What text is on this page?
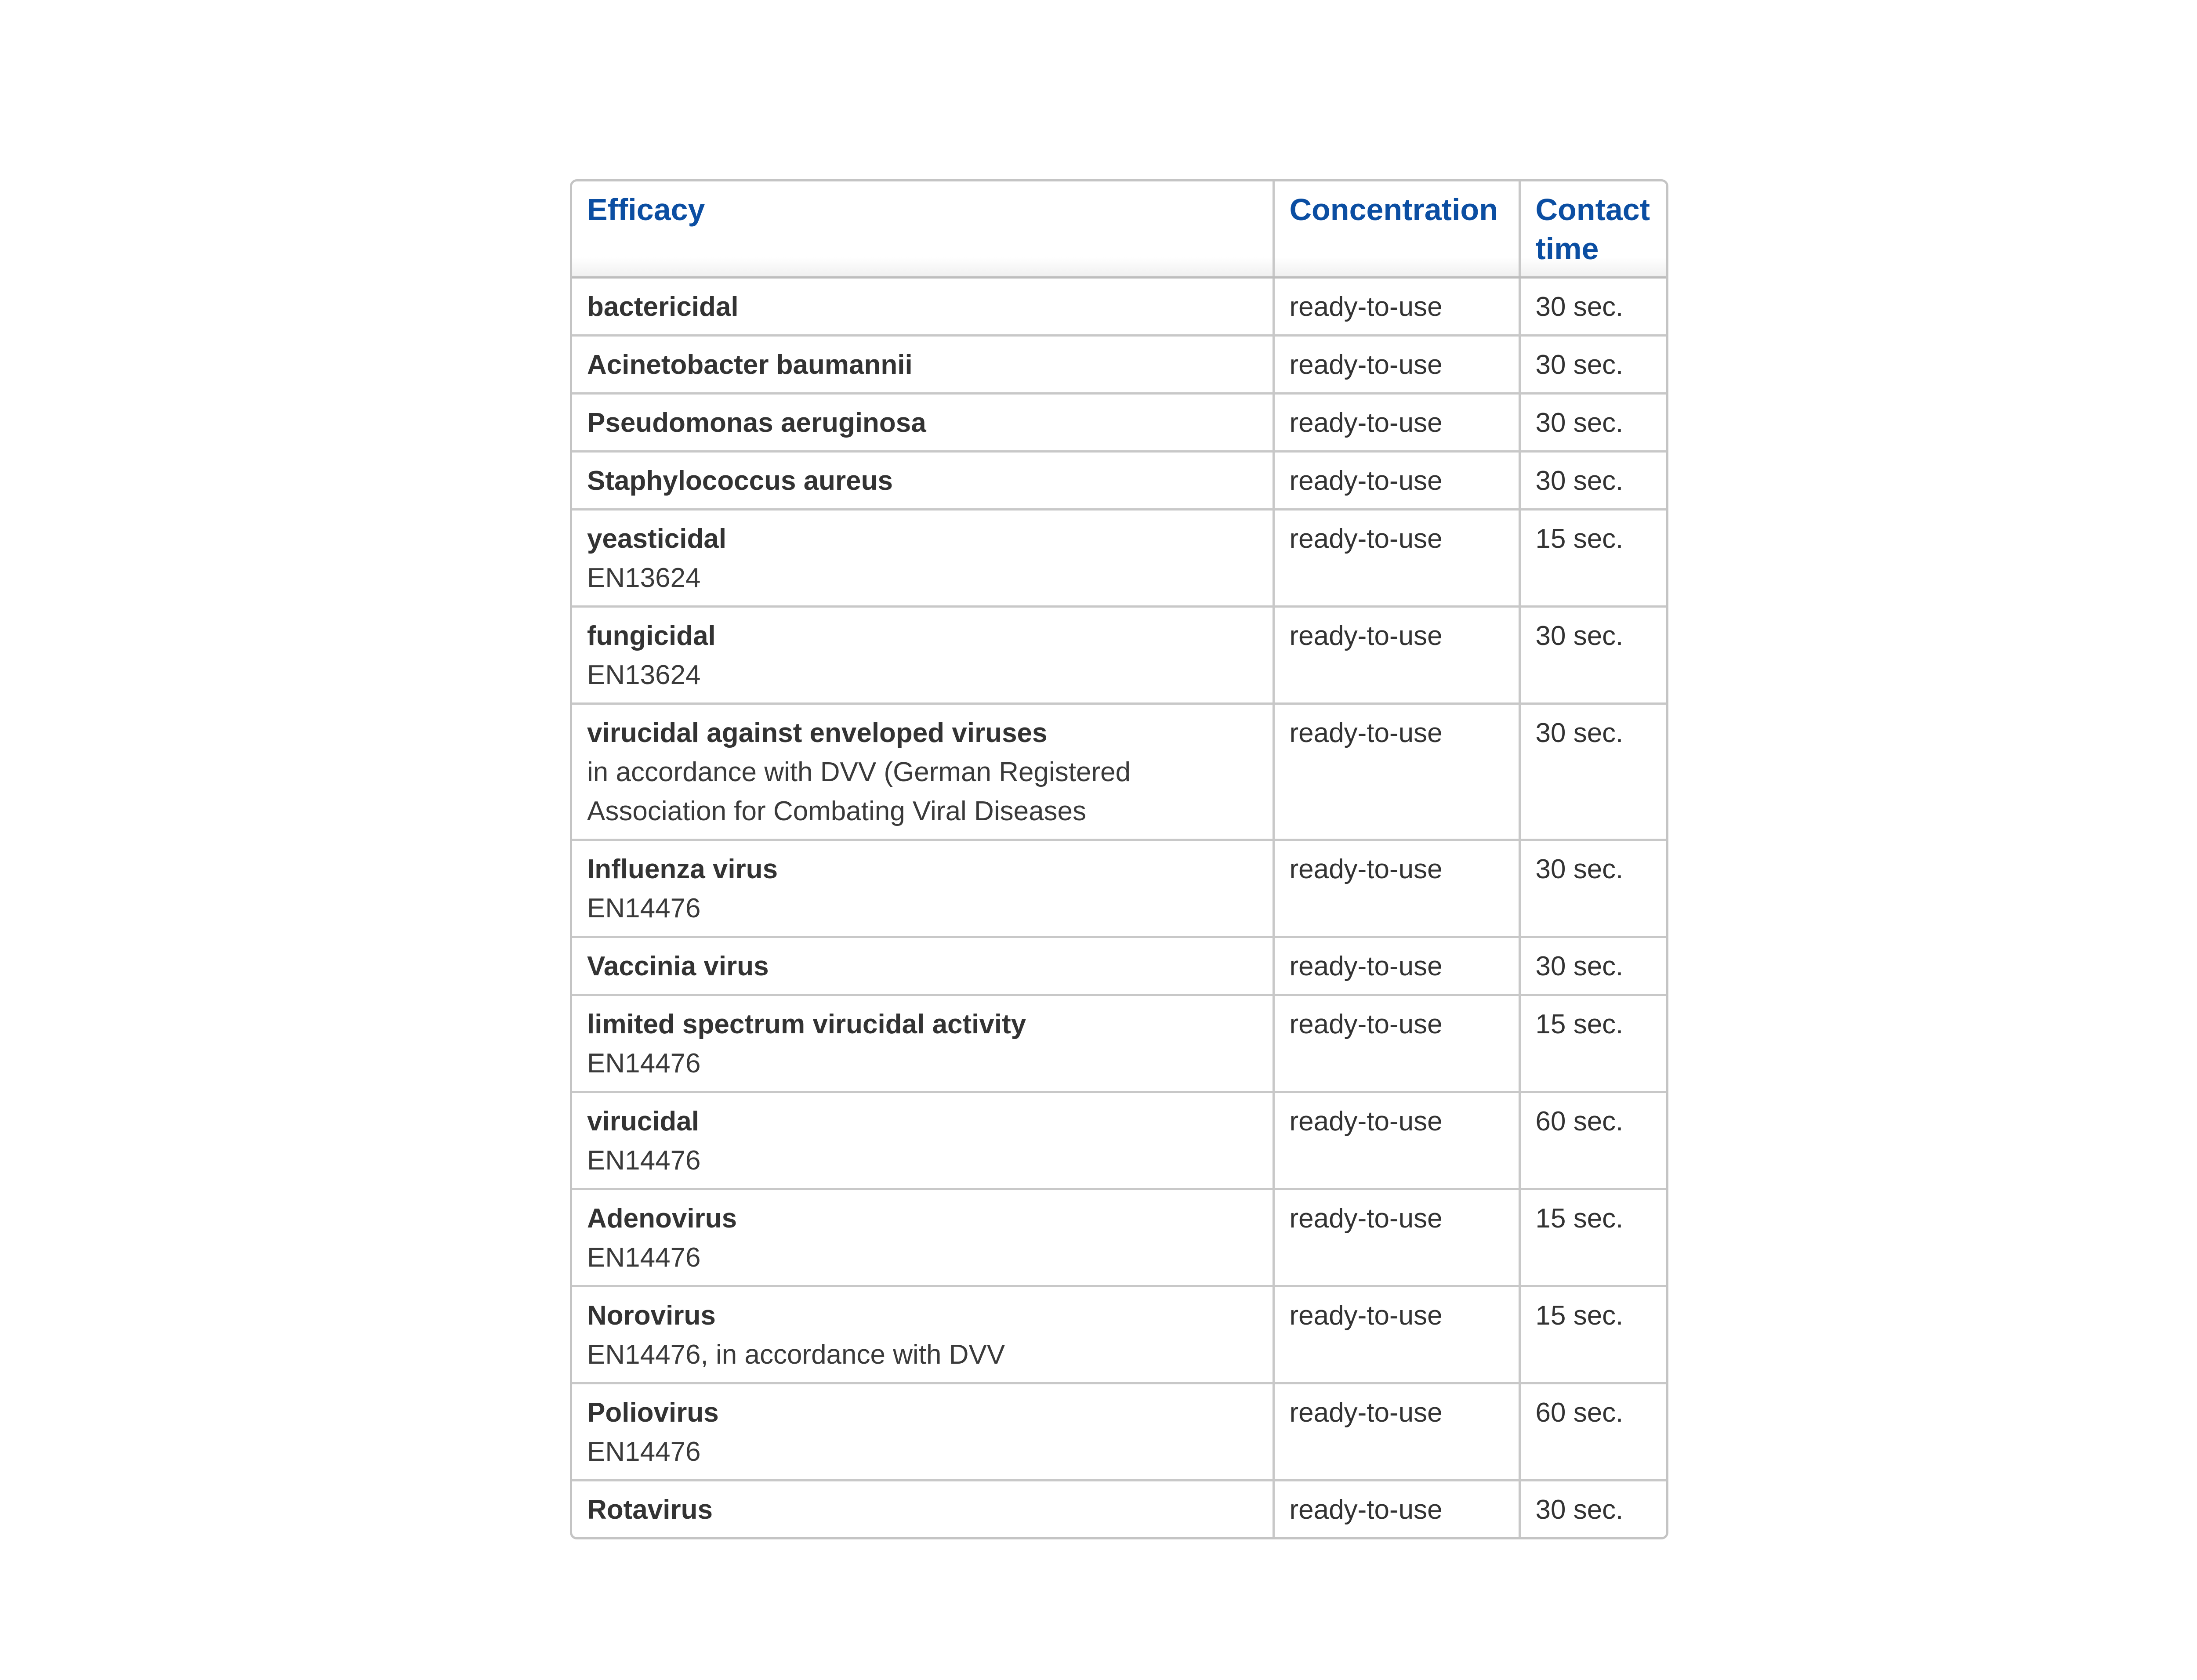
Efficacy	Concentration	Contact time

bactericidal	ready-to-use	30 sec.

Acinetobacter baumannii	ready-to-use	30 sec.

Pseudomonas aeruginosa	ready-to-use	30 sec.

Staphylococcus aureus	ready-to-use	30 sec.

yeasticidal
EN13624	ready-to-use	15 sec.

fungicidal
EN13624	ready-to-use	30 sec.

virucidal against enveloped viruses
in accordance with DVV (German Registered Association for Combating Viral Diseases	ready-to-use	30 sec.

Influenza virus
EN14476	ready-to-use	30 sec.

Vaccinia virus	ready-to-use	30 sec.

limited spectrum virucidal activity
EN14476	ready-to-use	15 sec.

virucidal
EN14476	ready-to-use	60 sec.

Adenovirus
EN14476	ready-to-use	15 sec.

Norovirus
EN14476, in accordance with DVV	ready-to-use	15 sec.

Poliovirus
EN14476	ready-to-use	60 sec.

Rotavirus	ready-to-use	30 sec.
